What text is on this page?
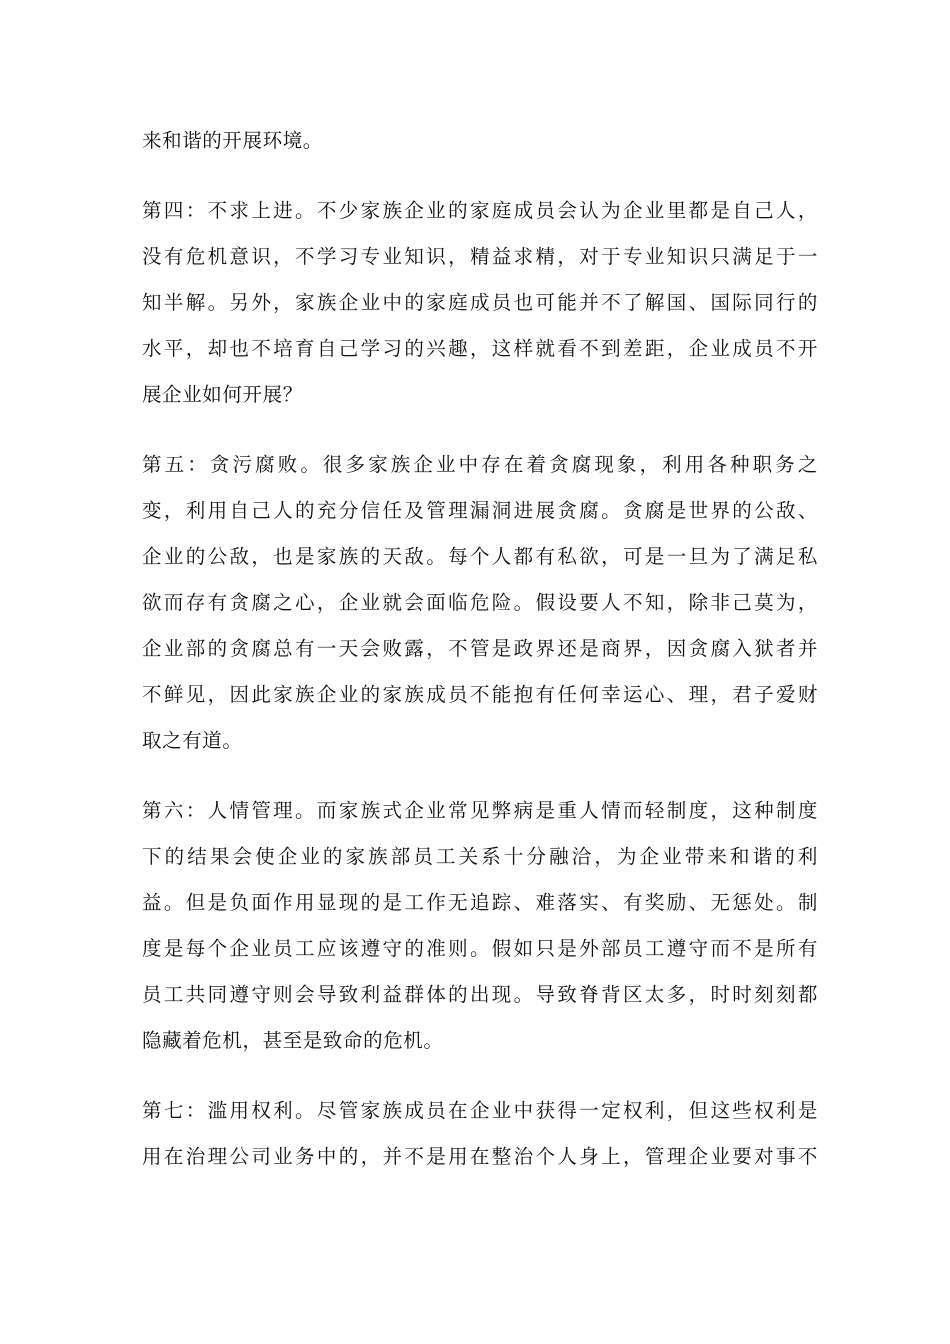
来和谐的开展环境。

第四：不求上进。不少家族企业的家庭成员会认为企业里都是自己人，
没有危机意识，不学习专业知识，精益求精，对于专业知识只满足于一
知半解。另外，家族企业中的家庭成员也可能并不了解国、国际同行的
水平，却也不培育自己学习的兴趣，这样就看不到差距，企业成员不开
展企业如何开展？

第五：贪污腐败。很多家族企业中存在着贪腐现象，利用各种职务之
变，利用自己人的充分信任及管理漏洞进展贪腐。贪腐是世界的公敌、
企业的公敌，也是家族的天敌。每个人都有私欲，可是一旦为了满足私
欲而存有贪腐之心，企业就会面临危险。假设要人不知，除非己莫为，
企业部的贪腐总有一天会败露，不管是政界还是商界，因贪腐入狱者并
不鲜见，因此家族企业的家族成员不能抱有任何幸运心、理，君子爱财
取之有道。

第六：人情管理。而家族式企业常见弊病是重人情而轻制度，这种制度
下的结果会使企业的家族部员工关系十分融洽，为企业带来和谐的利
益。但是负面作用显现的是工作无追踪、难落实、有奖励、无惩处。制
度是每个企业员工应该遵守的准则。假如只是外部员工遵守而不是所有
员工共同遵守则会导致利益群体的出现。导致脊背区太多，时时刻刻都
隐藏着危机，甚至是致命的危机。

第七：滥用权利。尽管家族成员在企业中获得一定权利，但这些权利是
用在治理公司业务中的，并不是用在整治个人身上，管理企业要对事不
